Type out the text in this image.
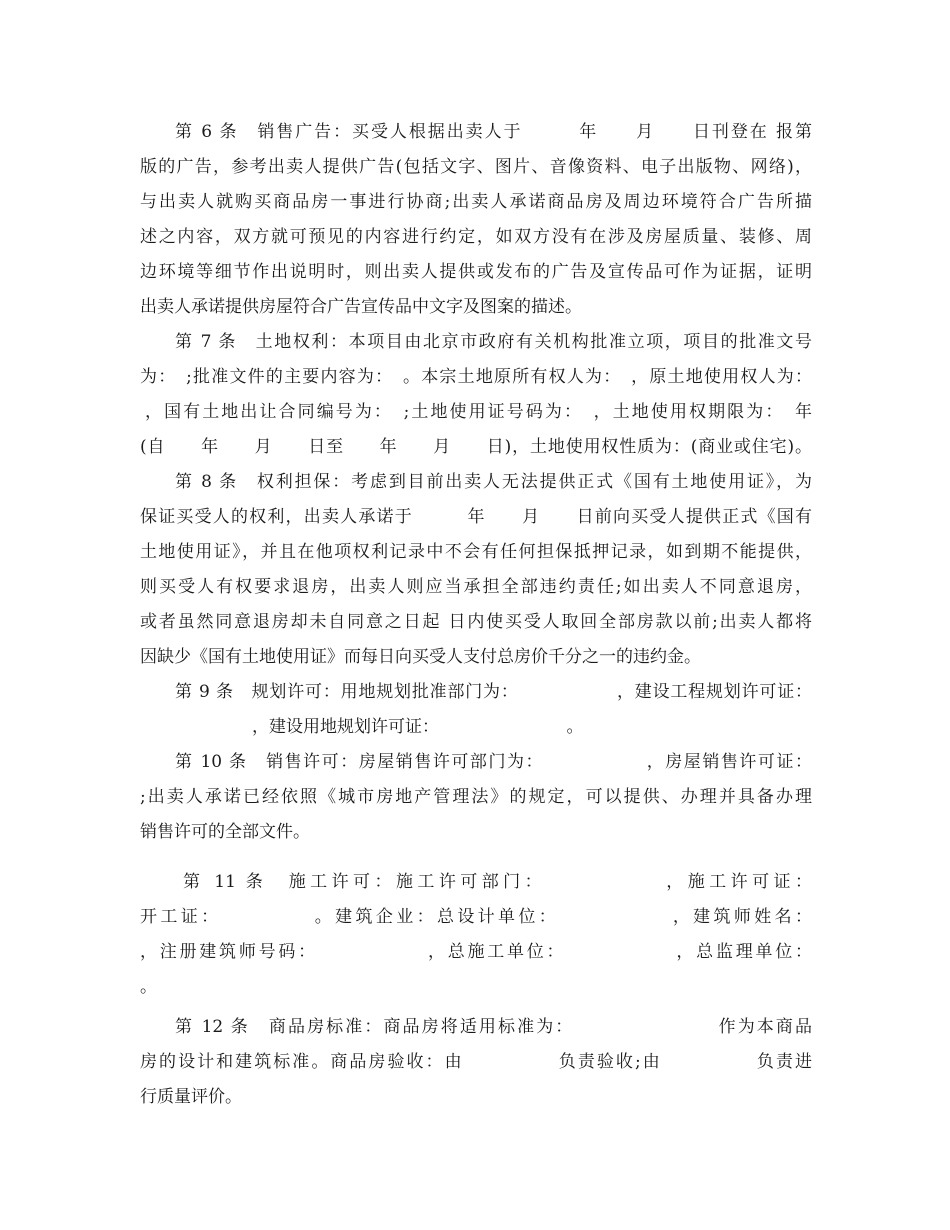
第 6 条　销售广告：买受人根据出卖人于　　　年　　月　　日刊登在 报第
版的广告，参考出卖人提供广告(包括文字、图片、音像资料、电子出版物、网络)，
与出卖人就购买商品房一事进行协商;出卖人承诺商品房及周边环境符合广告所描
述之内容，双方就可预见的内容进行约定，如双方没有在涉及房屋质量、装修、周
边环境等细节作出说明时，则出卖人提供或发布的广告及宣传品可作为证据，证明
出卖人承诺提供房屋符合广告宣传品中文字及图案的描述。
第 7 条　土地权利：本项目由北京市政府有关机构批准立项，项目的批准文号
为：　;批准文件的主要内容为：　。本宗土地原所有权人为：　，原土地使用权人为：
，国有土地出让合同编号为：　;土地使用证号码为：　，土地使用权期限为：　年
(自　　年　　月　　日至　　年　　月　　日)，土地使用权性质为：(商业或住宅)。
第 8 条　权利担保：考虑到目前出卖人无法提供正式《国有土地使用证》，为
保证买受人的权利，出卖人承诺于　　　年　　月　　日前向买受人提供正式《国有
土地使用证》，并且在他项权利记录中不会有任何担保抵押记录，如到期不能提供，
则买受人有权要求退房，出卖人则应当承担全部违约责任;如出卖人不同意退房，
或者虽然同意退房却未自同意之日起 日内使买受人取回全部房款以前;出卖人都将
因缺少《国有土地使用证》而每日向买受人支付总房价千分之一的违约金。
第 9 条　规划许可：用地规划批准部门为：　　　　　　，建设工程规划许可证：
　　　　　　，建设用地规划许可证：　　　　　　　　。
第 10 条　销售许可：房屋销售许可部门为：　　　　　　，房屋销售许可证：
;出卖人承诺已经依照《城市房地产管理法》的规定，可以提供、办理并具备办理
销售许可的全部文件。
第 11 条　施工许可：施工许可部门：　　　　　　，施工许可证：
开工证：　　　　　。建筑企业：总设计单位：　　　　　　，建筑师姓名：
，注册建筑师号码：　　　　　　，总施工单位：　　　　　　，总监理单位：
。
第 12 条　商品房标准：商品房将适用标准为：　　　　　　　　作为本商品
房的设计和建筑标准。商品房验收：由　　　　　负责验收;由　　　　　负责进
行质量评价。
